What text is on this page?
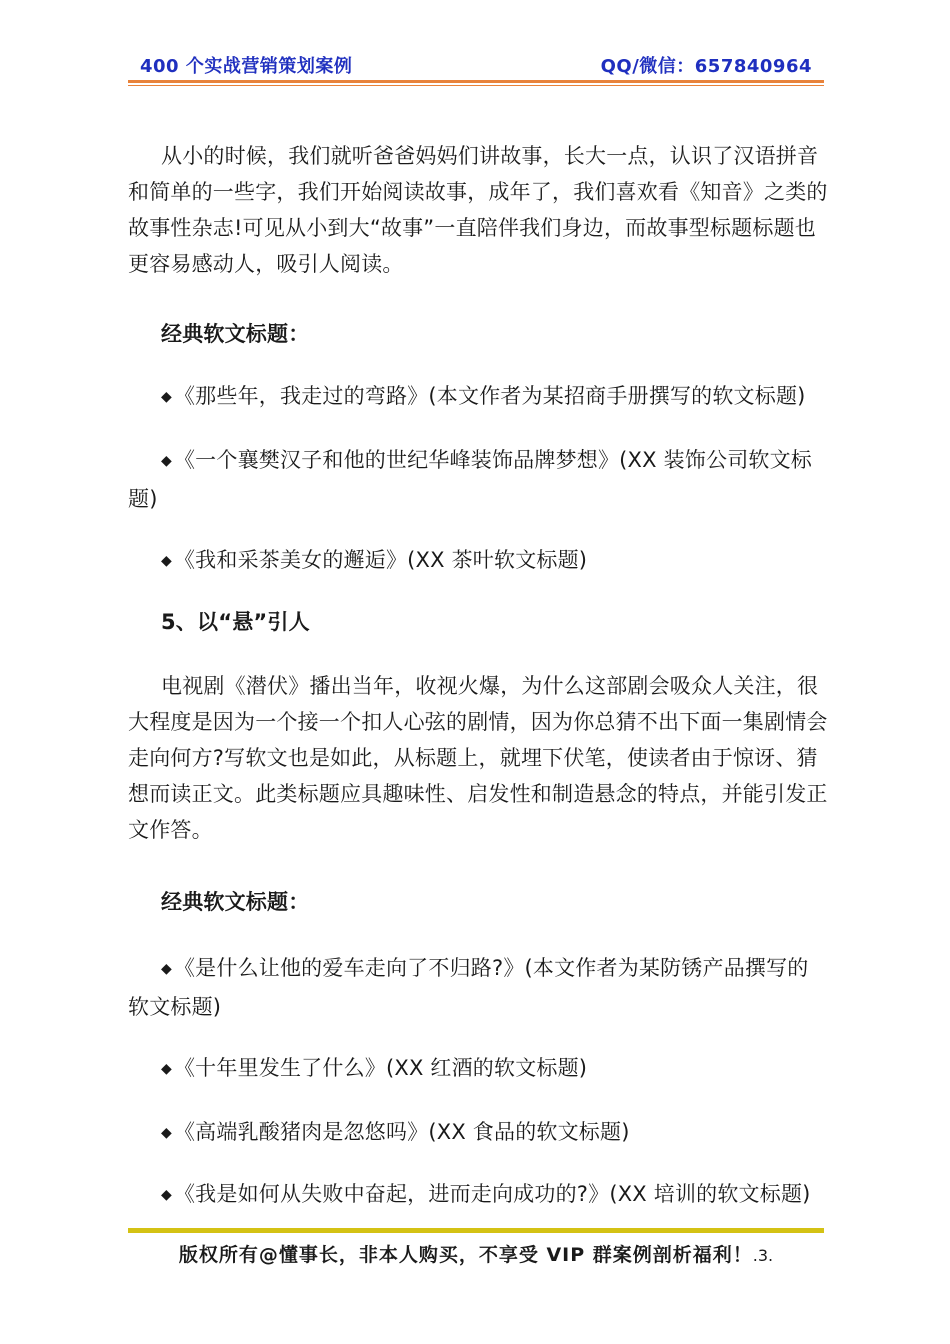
400 个实战营销策划案例	QQ/微信：657840964
从小的时候，我们就听爸爸妈妈们讲故事，长大一点，认识了汉语拼音和简单的一些字，我们开始阅读故事，成年了，我们喜欢看《知音》之类的故事性杂志!可见从小到大“故事”一直陪伴我们身边，而故事型标题标题也更容易感动人，吸引人阅读。
经典软文标题：
◆《那些年，我走过的弯路》(本文作者为某招商手册撰写的软文标题)
◆《一个襄樊汉子和他的世纪华峰装饰品牌梦想》(XX 装饰公司软文标题)
◆《我和采茶美女的邂逅》(XX 茶叶软文标题)
5、以“悬”引人
电视剧《潜伏》播出当年，收视火爆，为什么这部剧会吸众人关注，很大程度是因为一个接一个扣人心弦的剧情，因为你总猜不出下面一集剧情会走向何方?写软文也是如此，从标题上，就埋下伏笔，使读者由于惊讶、猜想而读正文。此类标题应具趣味性、启发性和制造悬念的特点，并能引发正文作答。
经典软文标题：
◆《是什么让他的爱车走向了不归路?》(本文作者为某防锈产品撰写的软文标题)
◆《十年里发生了什么》(XX 红酒的软文标题)
◆《高端乳酸猪肉是忽悠吗》(XX 食品的软文标题)
◆《我是如何从失败中奋起，进而走向成功的?》(XX 培训的软文标题)
版权所有@懂事长，非本人购买，不享受 VIP 群案例剖析福利！.3.
